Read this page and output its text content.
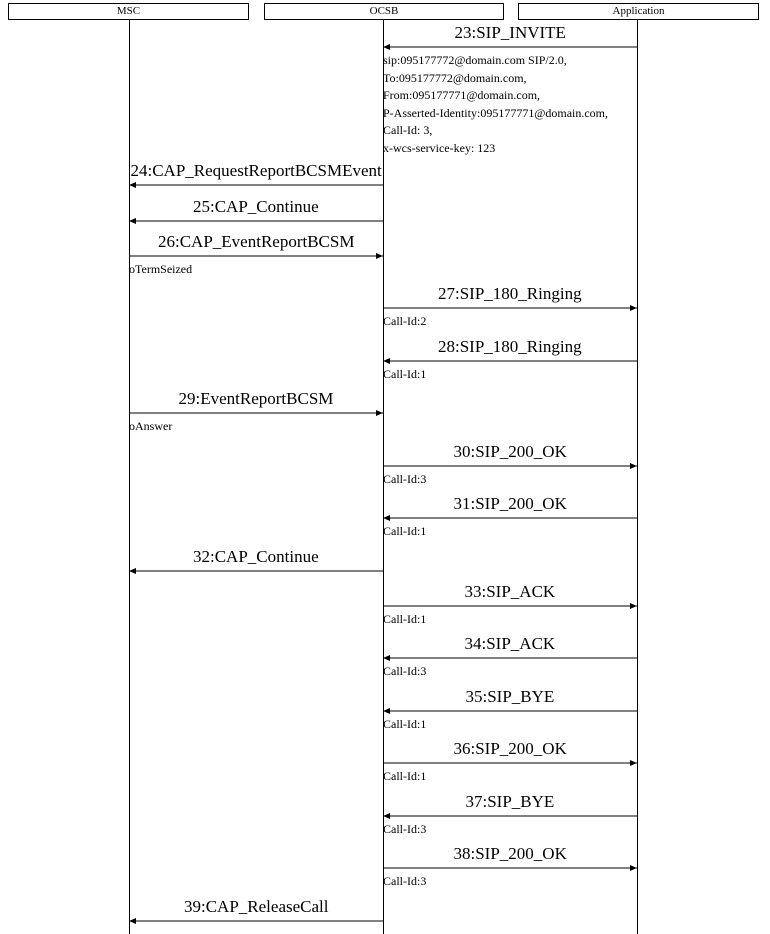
MSC	OCSB	Application
23:SIP_INVITE
sip:095177772@domain.com SIP/2.0,
To:095177772@domain.com,
From:095177771@domain.com,
P-Asserted-Identity:095177771@domain.com,
Call-Id: 3,
x-wcs-service-key: 123
24:CAP_RequestReportBCSMEvent
25:CAP_Continue
26:CAP_EventReportBCSM
oTermSeized
27:SIP_180_Ringing
Call-Id:2
28:SIP_180_Ringing
Call-Id:1
29:EventReportBCSM
oAnswer
30:SIP_200_OK
Call-Id:3
31:SIP_200_OK
Call-Id:1
32:CAP_Continue
33:SIP_ACK
Call-Id:1
34:SIP_ACK
Call-Id:3
35:SIP_BYE
Call-Id:1
36:SIP_200_OK
Call-Id:1
37:SIP_BYE
Call-Id:3
38:SIP_200_OK
Call-Id:3
39:CAP_ReleaseCall
